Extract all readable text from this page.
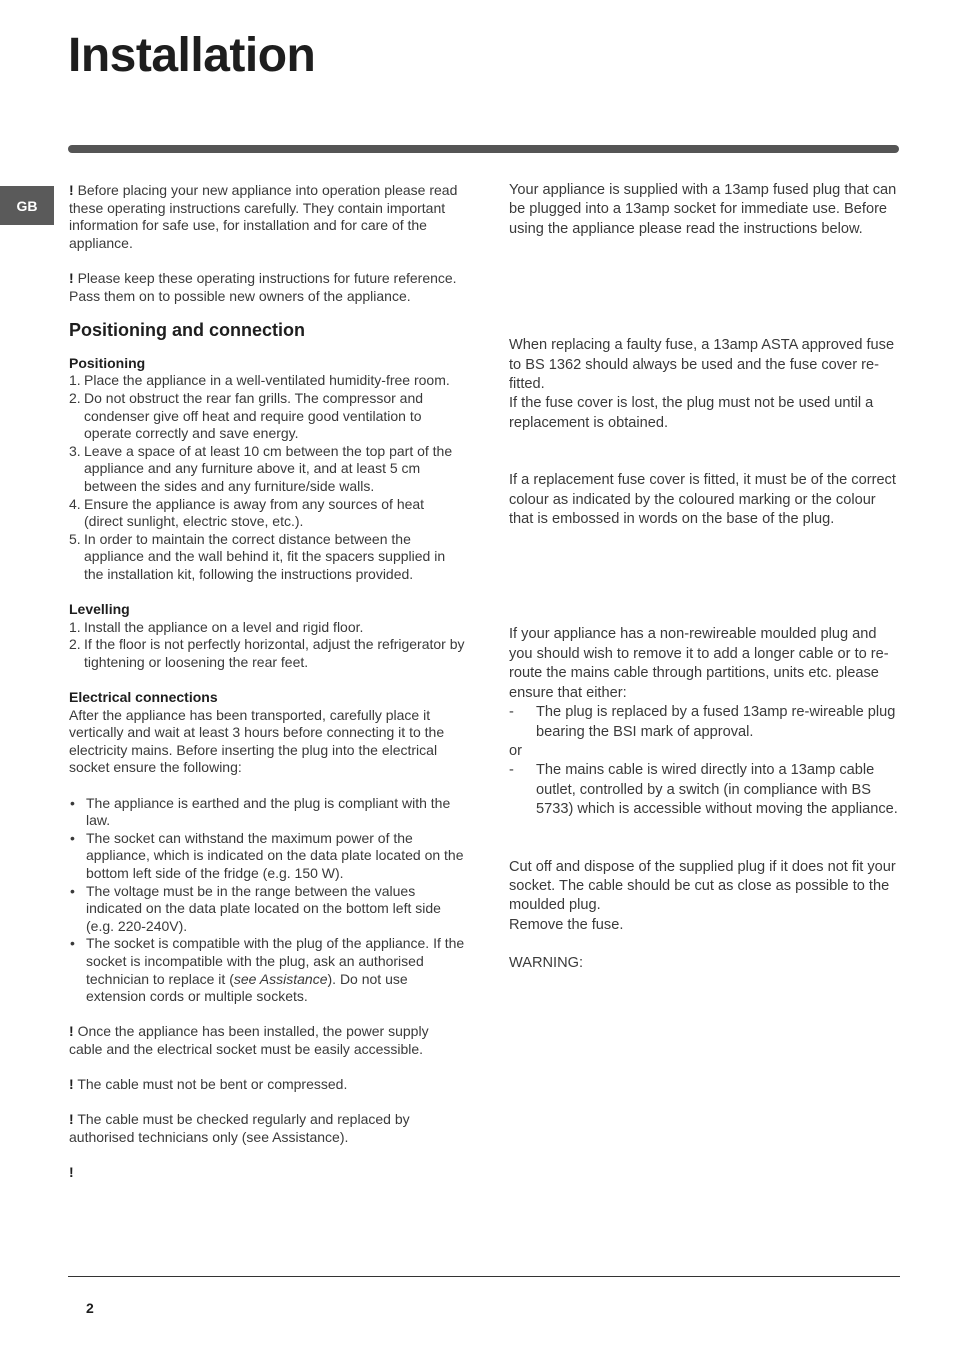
Installation
GB

! Before placing your new appliance into operation please read these operating instructions carefully. They contain important information for safe use, for installation and for care of the appliance.

! Please keep these operating instructions for future reference. Pass them on to possible new owners of the appliance.

Positioning and connection
Positioning
1. Place the appliance in a well-ventilated humidity-free room.
2. Do not obstruct the rear fan grills. The compressor and condenser give off heat and require good ventilation to operate correctly and save energy.
3. Leave a space of at least 10 cm between the top part of the appliance and any furniture above it, and at least 5 cm between the sides and any furniture/side walls.
4. Ensure the appliance is away from any sources of heat (direct sunlight, electric stove, etc.).
5. In order to maintain the correct distance between the appliance and the wall behind it, fit the spacers supplied in the installation kit, following the instructions provided.
Levelling
1. Install the appliance on a level and rigid floor.
2. If the floor is not perfectly horizontal, adjust the refrigerator by tightening or loosening the rear feet.
Electrical connections

After the appliance has been transported, carefully place it vertically and wait at least 3 hours before connecting it to the electricity mains. Before inserting the plug into the electrical socket ensure the following:

• The appliance is earthed and the plug is compliant with the law.
• The socket can withstand the maximum power of the appliance, which is indicated on the data plate located on the bottom left side of the fridge (e.g. 150 W).
• The voltage must be in the range between the values indicated on the data plate located on the bottom left side (e.g. 220-240V).
• The socket is compatible with the plug of the appliance. If the socket is incompatible with the plug, ask an authorised technician to replace it (see Assistance). Do not use extension cords or multiple sockets.

! Once the appliance has been installed, the power supply cable and the electrical socket must be easily accessible.

! The cable must not be bent or compressed.

! The cable must be checked regularly and replaced by authorised technicians only (see Assistance).

!

Your appliance is supplied with a 13amp fused plug that can be plugged into a 13amp socket for immediate use. Before using the appliance please read the instructions below.

When replacing a faulty fuse, a 13amp ASTA approved fuse to BS 1362 should always be used and the fuse cover re-fitted.

If the fuse cover is lost, the plug must not be used until a replacement is obtained.

If a replacement fuse cover is fitted, it must be of the correct colour as indicated by the coloured marking or the colour that is embossed in words on the base of the plug.

If your appliance has a non-rewireable moulded plug and you should wish to remove it to add a longer cable or to re-route the mains cable through partitions, units etc. please ensure that either:

- The plug is replaced by a fused 13amp re-wireable plug bearing the BSI mark of approval.

or

- The mains cable is wired directly into a 13amp cable outlet, controlled by a switch (in compliance with BS 5733) which is accessible without moving the appliance.

Cut off and dispose of the supplied plug if it does not fit your socket. The cable should be cut as close as possible to the moulded plug.

Remove the fuse.

WARNING:

2
